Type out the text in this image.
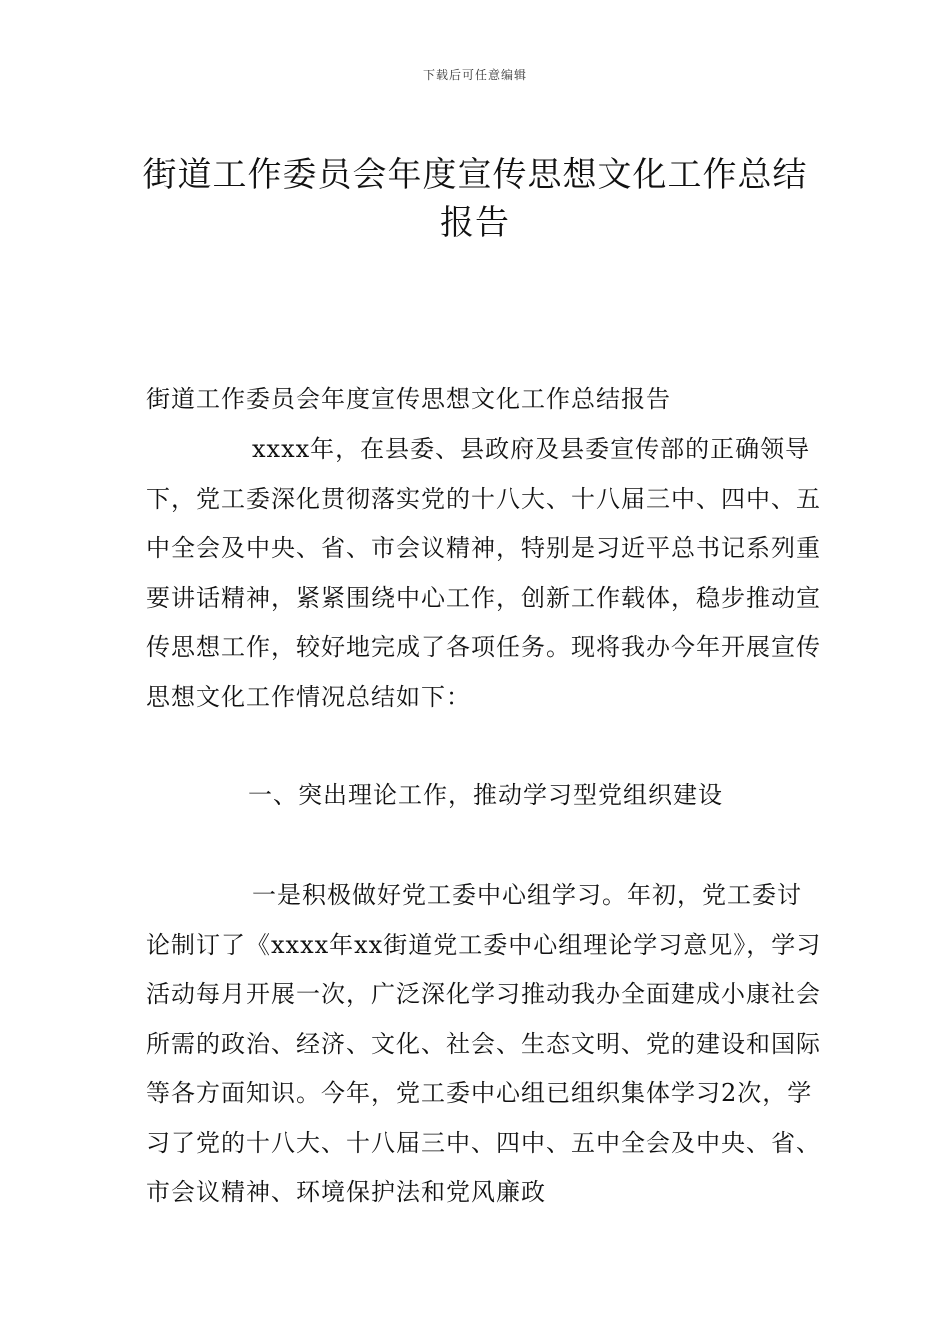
下载后可任意编辑
街道工作委员会年度宣传思想文化工作总结报告
街道工作委员会年度宣传思想文化工作总结报告

xxxx年，在县委、县政府及县委宣传部的正确领导下，党工委深化贯彻落实党的十八大、十八届三中、四中、五中全会及中央、省、市会议精神，特别是习近平总书记系列重要讲话精神，紧紧围绕中心工作，创新工作载体，稳步推动宣传思想工作，较好地完成了各项任务。现将我办今年开展宣传思想文化工作情况总结如下：

一、突出理论工作，推动学习型党组织建设

一是积极做好党工委中心组学习。年初，党工委讨论制订了《xxxx年xx街道党工委中心组理论学习意见》，学习活动每月开展一次，广泛深化学习推动我办全面建成小康社会所需的政治、经济、文化、社会、生态文明、党的建设和国际等各方面知识。今年，党工委中心组已组织集体学习2次，学习了党的十八大、十八届三中、四中、五中全会及中央、省、市会议精神、环境保护法和党风廉政
